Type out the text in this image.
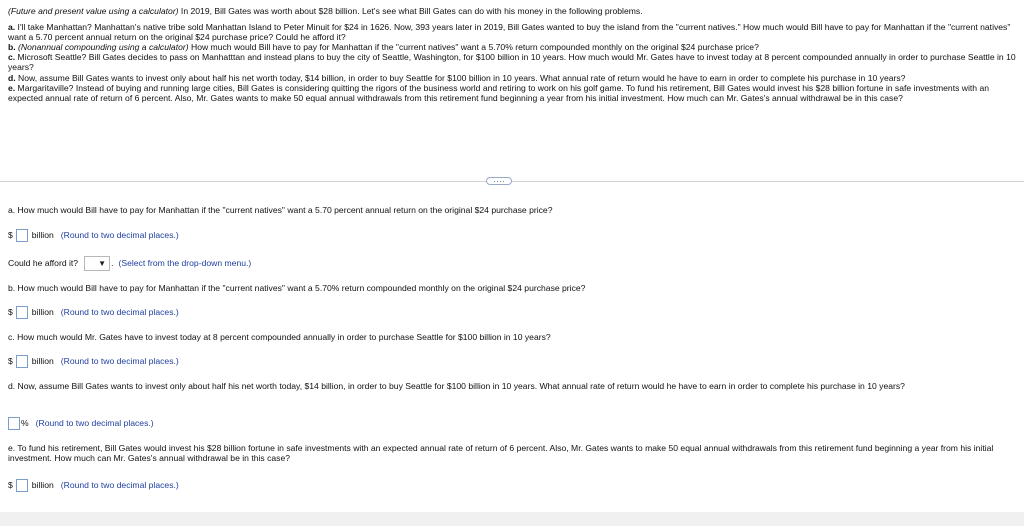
(Future and present value using a calculator) In 2019, Bill Gates was worth about $28 billion. Let's see what Bill Gates can do with his money in the following problems.

a. I'll take Manhattan? Manhattan's native tribe sold Manhattan Island to Peter Minuit for $24 in 1626. Now, 393 years later in 2019, Bill Gates wanted to buy the island from the "current natives." How much would Bill have to pay for Manhattan if the "current natives" want a 5.70 percent annual return on the original $24 purchase price? Could he afford it?

b. (Nonannual compounding using a calculator) How much would Bill have to pay for Manhattan if the "current natives" want a 5.70% return compounded monthly on the original $24 purchase price?

c. Microsoft Seattle? Bill Gates decides to pass on Manhatttan and instead plans to buy the city of Seattle, Washington, for $100 billion in 10 years. How much would Mr. Gates have to invest today at 8 percent compounded annually in order to purchase Seattle in 10 years?

d. Now, assume Bill Gates wants to invest only about half his net worth today, $14 billion, in order to buy Seattle for $100 billion in 10 years. What annual rate of return would he have to earn in order to complete his purchase in 10 years?

e. Margaritaville? Instead of buying and running large cities, Bill Gates is considering quitting the rigors of the business world and retiring to work on his golf game. To fund his retirement, Bill Gates would invest his $28 billion fortune in safe investments with an expected annual rate of return of 6 percent. Also, Mr. Gates wants to make 50 equal annual withdrawals from this retirement fund beginning a year from his initial investment. How much can Mr. Gates's annual withdrawal be in this case?

····

a. How much would Bill have to pay for Manhattan if the "current natives" want a 5.70 percent annual return on the original $24 purchase price?

$ billion (Round to two decimal places.)
Could he afford it?	▼ . (Select from the drop-down menu.)

b. How much would Bill have to pay for Manhattan if the "current natives" want a 5.70% return compounded monthly on the original $24 purchase price?

$ billion (Round to two decimal places.)

c. How much would Mr. Gates have to invest today at 8 percent compounded annually in order to purchase Seattle for $100 billion in 10 years?

$ billion (Round to two decimal places.)

d. Now, assume Bill Gates wants to invest only about half his net worth today, $14 billion, in order to buy Seattle for $100 billion in 10 years. What annual rate of return would he have to earn in order to complete his purchase in 10 years?

% (Round to two decimal places.)

e. To fund his retirement, Bill Gates would invest his $28 billion fortune in safe investments with an expected annual rate of return of 6 percent. Also, Mr. Gates wants to make 50 equal annual withdrawals from this retirement fund beginning a year from his initial investment. How much can Mr. Gates's annual withdrawal be in this case?

$ billion (Round to two decimal places.)
